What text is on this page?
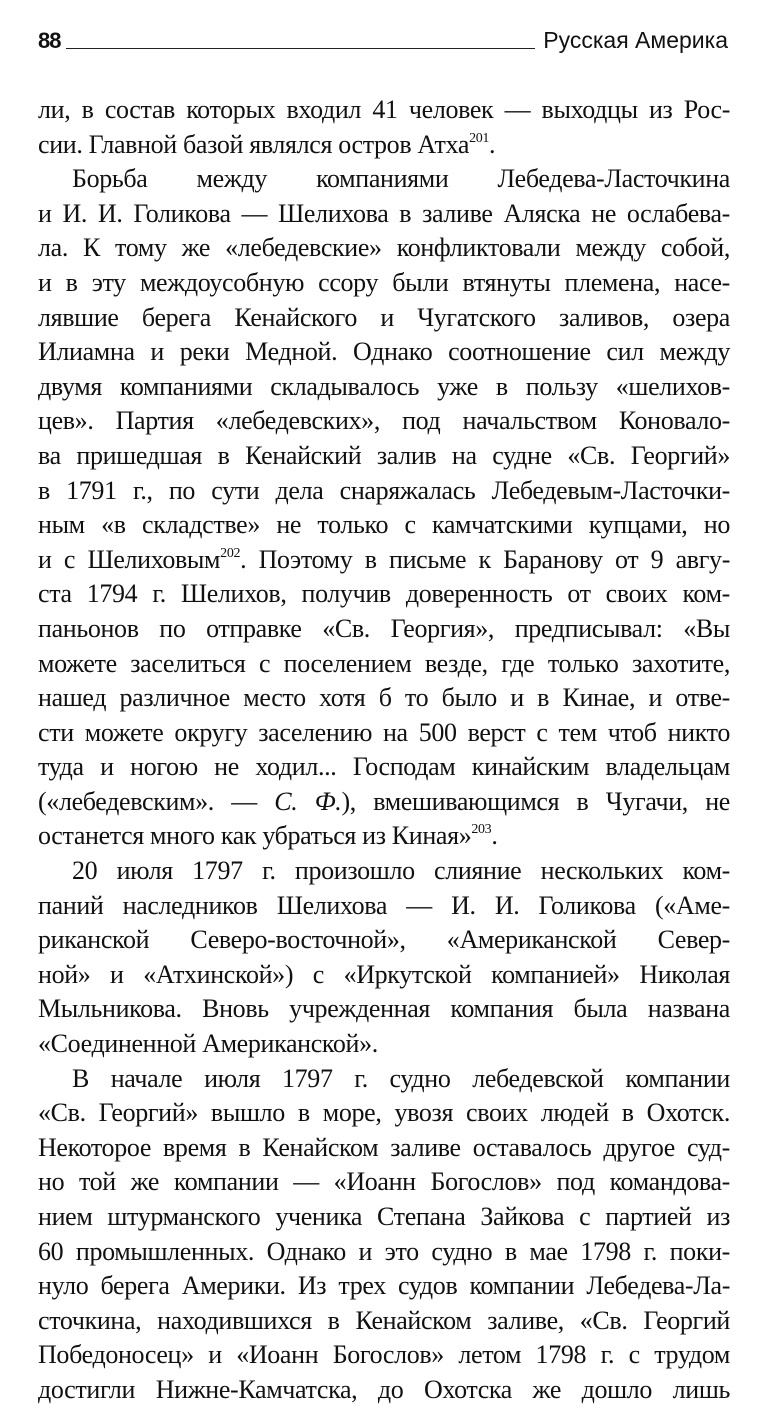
88	Русская Америка
ли, в состав которых входил 41 человек — выходцы из Рос-
сии. Главной базой являлся остров Атха$^{201}$.
Борьба между компаниями Лебедева-Ласточкина
и И. И. Голикова — Шелихова в заливе Аляска не ослабева-
ла. К тому же «лебедевские» конфликтовали между собой,
и в эту междоусобную ссору были втянуты племена, насе-
лявшие берега Кенайского и Чугатского заливов, озера
Илиамна и реки Медной. Однако соотношение сил между
двумя компаниями складывалось уже в пользу «шелихов-
цев». Партия «лебедевских», под начальством Коновало-
ва пришедшая в Кенайский залив на судне «Св. Георгий»
в 1791 г., по сути дела снаряжалась Лебедевым-Ласточки-
ным «в складстве» не только с камчатскими купцами, но
и с Шелиховым$^{202}$. Поэтому в письме к Баранову от 9 авгу-
ста 1794 г. Шелихов, получив доверенность от своих ком-
паньонов по отправке «Св. Георгия», предписывал: «Вы
можете заселиться с поселением везде, где только захотите,
нашед различное место хотя б то было и в Кинае, и отве-
сти можете округу заселению на 500 верст с тем чтоб никто
туда и ногою не ходил... Господам кинайским владельцам
(«лебедевским». — С. Ф.), вмешивающимся в Чугачи, не
останется много как убраться из Киная»$^{203}$.
20 июля 1797 г. произошло слияние нескольких ком-
паний наследников Шелихова — И. И. Голикова («Аме-
риканской Северо-восточной», «Американской Север-
ной» и «Атхинской») с «Иркутской компанией» Николая
Мыльникова. Вновь учрежденная компания была названа
«Соединенной Американской».
В начале июля 1797 г. судно лебедевской компании
«Св. Георгий» вышло в море, увозя своих людей в Охотск.
Некоторое время в Кенайском заливе оставалось другое суд-
но той же компании — «Иоанн Богослов» под командова-
нием штурманского ученика Степана Зайкова с партией из
60 промышленных. Однако и это судно в мае 1798 г. поки-
нуло берега Америки. Из трех судов компании Лебедева-Ла-
сточкина, находившихся в Кенайском заливе, «Св. Георгий
Победоносец» и «Иоанн Богослов» летом 1798 г. с трудом
достигли Нижне-Камчатска, до Охотска же дошло лишь
